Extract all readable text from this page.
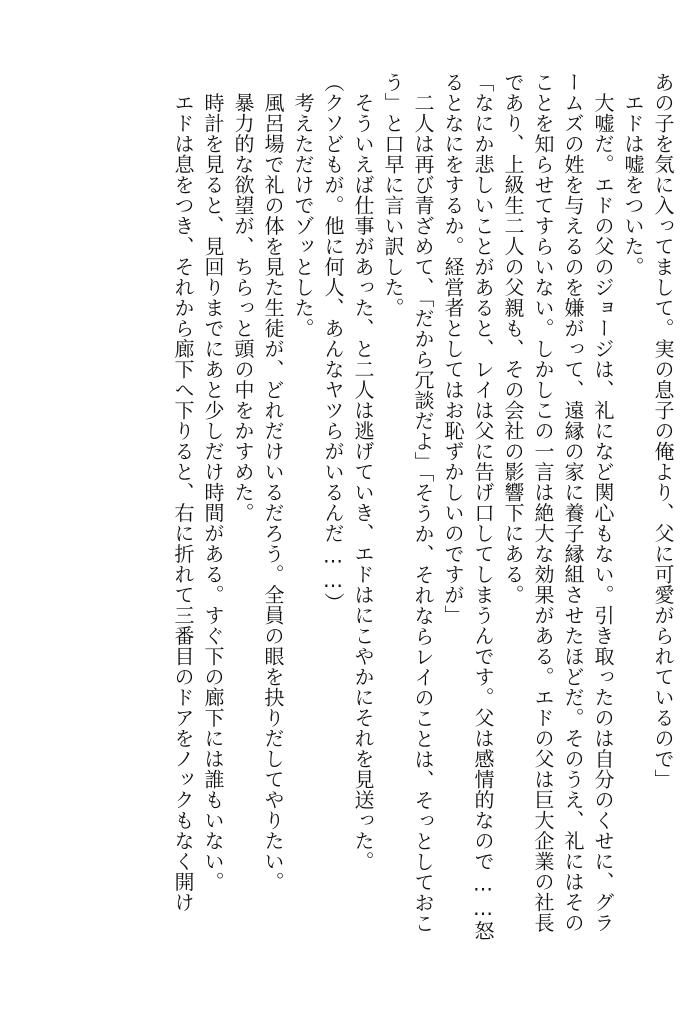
あの子を気に入ってまして。実の息子の俺より、父に可愛がられているので」
　エドは嘘をついた。
　大嘘だ。エドの父のジョージは、礼になど関心もない。引き取ったのは自分のくせに、グラ
ームズの姓を与えるのを嫌がって、遠縁の家に養子縁組させたほどだ。そのうえ、礼にはその
ことを知らせてすらいない。しかしこの一言は絶大な効果がある。エドの父は巨大企業の社長
であり、上級生二人の父親も、その会社の影響下にある。
「なにか悲しいことがあると、レイは父に告げ口してしまうんです。父は感情的なので……怒
るとなにをするか。経営者としてはお恥ずかしいのですが」
　二人は再び青ざめて、「だから冗談だよ」「そうか、それならレイのことは、そっとしておこ
う」と口早に言い訳した。
　そういえば仕事があった、と二人は逃げていき、エドはにこやかにそれを見送った。
（クソどもが。他に何人、あんなヤツらがいるんだ……）
　考えただけでゾッとした。
　風呂場で礼の体を見た生徒が、どれだけいるだろう。全員の眼を抉りだしてやりたい。
　暴力的な欲望が、ちらっと頭の中をかすめた。
　時計を見ると、見回りまでにあと少しだけ時間がある。すぐ下の廊下には誰もいない。
　エドは息をつき、それから廊下へ下りると、右に折れて三番目のドアをノックもなく開け
